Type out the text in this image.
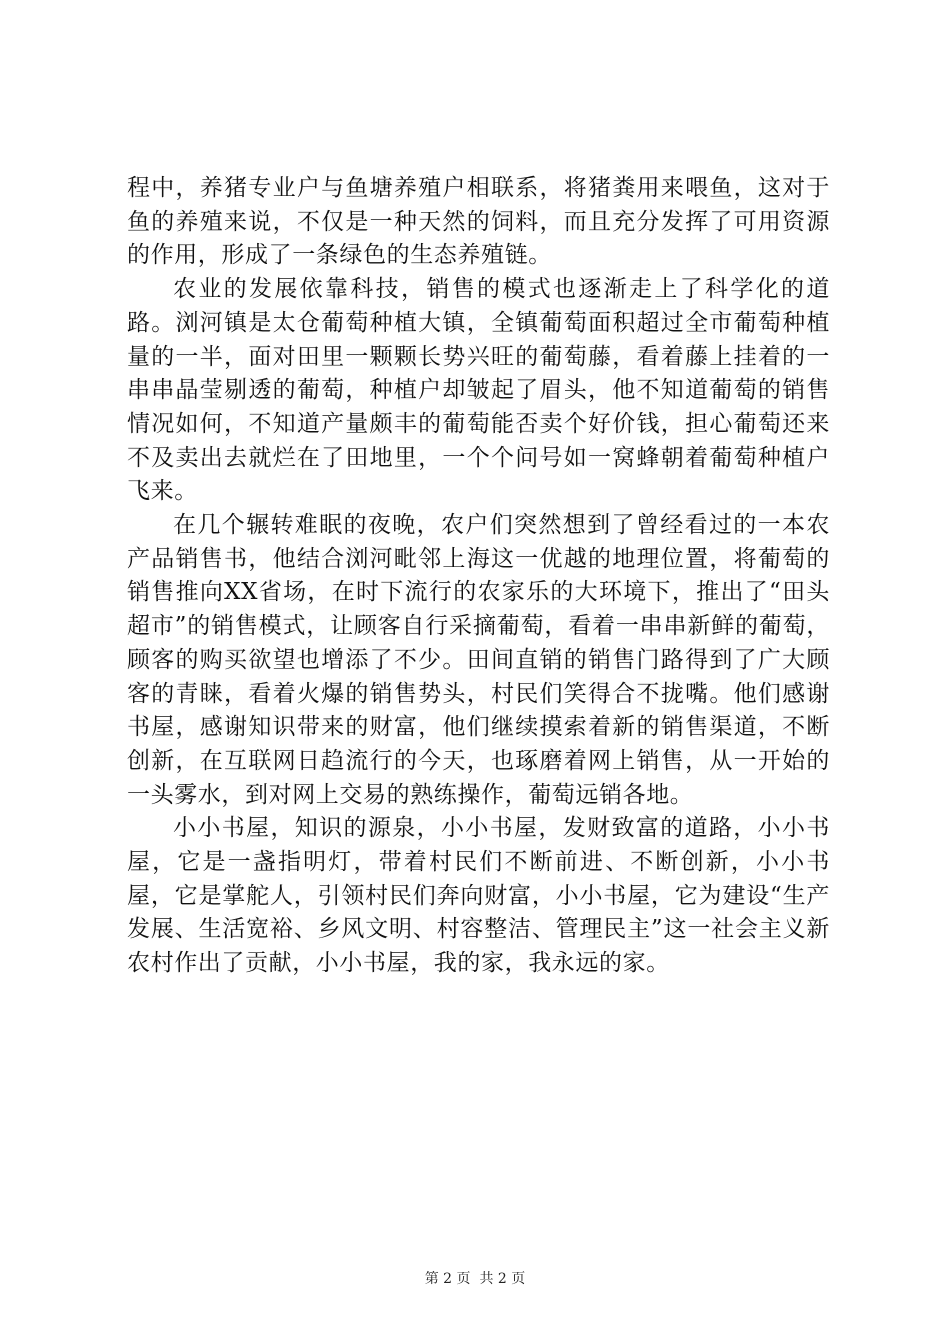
程中，养猪专业户与鱼塘养殖户相联系，将猪粪用来喂鱼，这对于鱼的养殖来说，不仅是一种天然的饲料，而且充分发挥了可用资源的作用，形成了一条绿色的生态养殖链。

农业的发展依靠科技，销售的模式也逐渐走上了科学化的道路。浏河镇是太仓葡萄种植大镇，全镇葡萄面积超过全市葡萄种植量的一半，面对田里一颗颗长势兴旺的葡萄藤，看着藤上挂着的一串串晶莹剔透的葡萄，种植户却皱起了眉头，他不知道葡萄的销售情况如何，不知道产量颇丰的葡萄能否卖个好价钱，担心葡萄还来不及卖出去就烂在了田地里，一个个问号如一窝蜂朝着葡萄种植户飞来。

在几个辗转难眠的夜晚，农户们突然想到了曾经看过的一本农产品销售书，他结合浏河毗邻上海这一优越的地理位置，将葡萄的销售推向XX省场，在时下流行的农家乐的大环境下，推出了“田头超市”的销售模式，让顾客自行采摘葡萄，看着一串串新鲜的葡萄，顾客的购买欲望也增添了不少。田间直销的销售门路得到了广大顾客的青睐，看着火爆的销售势头，村民们笑得合不拢嘴。他们感谢书屋，感谢知识带来的财富，他们继续摸索着新的销售渠道，不断创新，在互联网日趋流行的今天，也琢磨着网上销售，从一开始的一头雾水，到对网上交易的熟练操作，葡萄远销各地。

小小书屋，知识的源泉，小小书屋，发财致富的道路，小小书屋，它是一盏指明灯，带着村民们不断前进、不断创新，小小书屋，它是掌舵人，引领村民们奔向财富，小小书屋，它为建设“生产发展、生活宽裕、乡风文明、村容整洁、管理民主”这一社会主义新农村作出了贡献，小小书屋，我的家，我永远的家。

第 2 页  共 2 页
